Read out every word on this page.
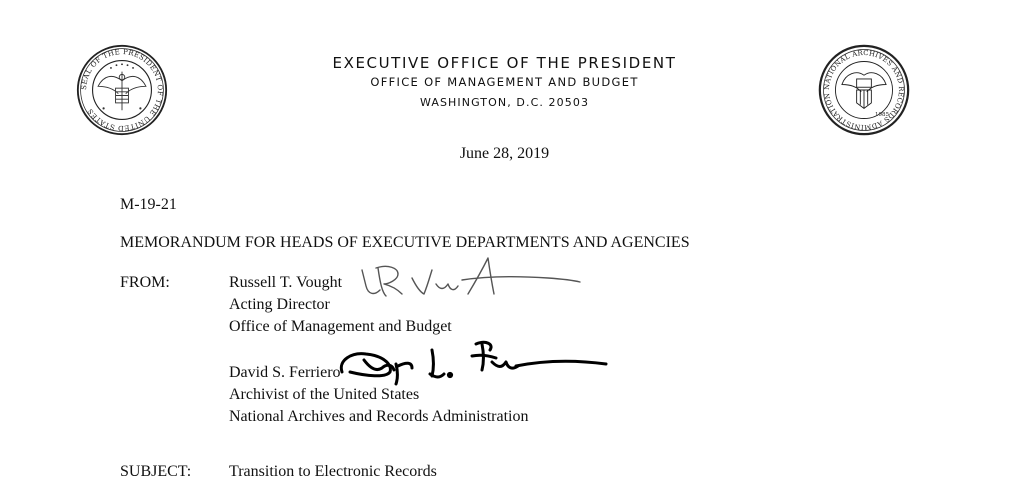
SEAL OF THE PRESIDENT OF THE UNITED STATES
EXECUTIVE OFFICE OF THE PRESIDENT
OFFICE OF MANAGEMENT AND BUDGET
WASHINGTON, D.C. 20503
NATIONAL ARCHIVES AND RECORDS ADMINISTRATION
1985
June 28, 2019
M-19-21
MEMORANDUM FOR HEADS OF EXECUTIVE DEPARTMENTS AND AGENCIES
FROM:	Russell T. Vought
Acting Director
Office of Management and Budget
David S. Ferriero
Archivist of the United States
National Archives and Records Administration
SUBJECT: Transition to Electronic Records
